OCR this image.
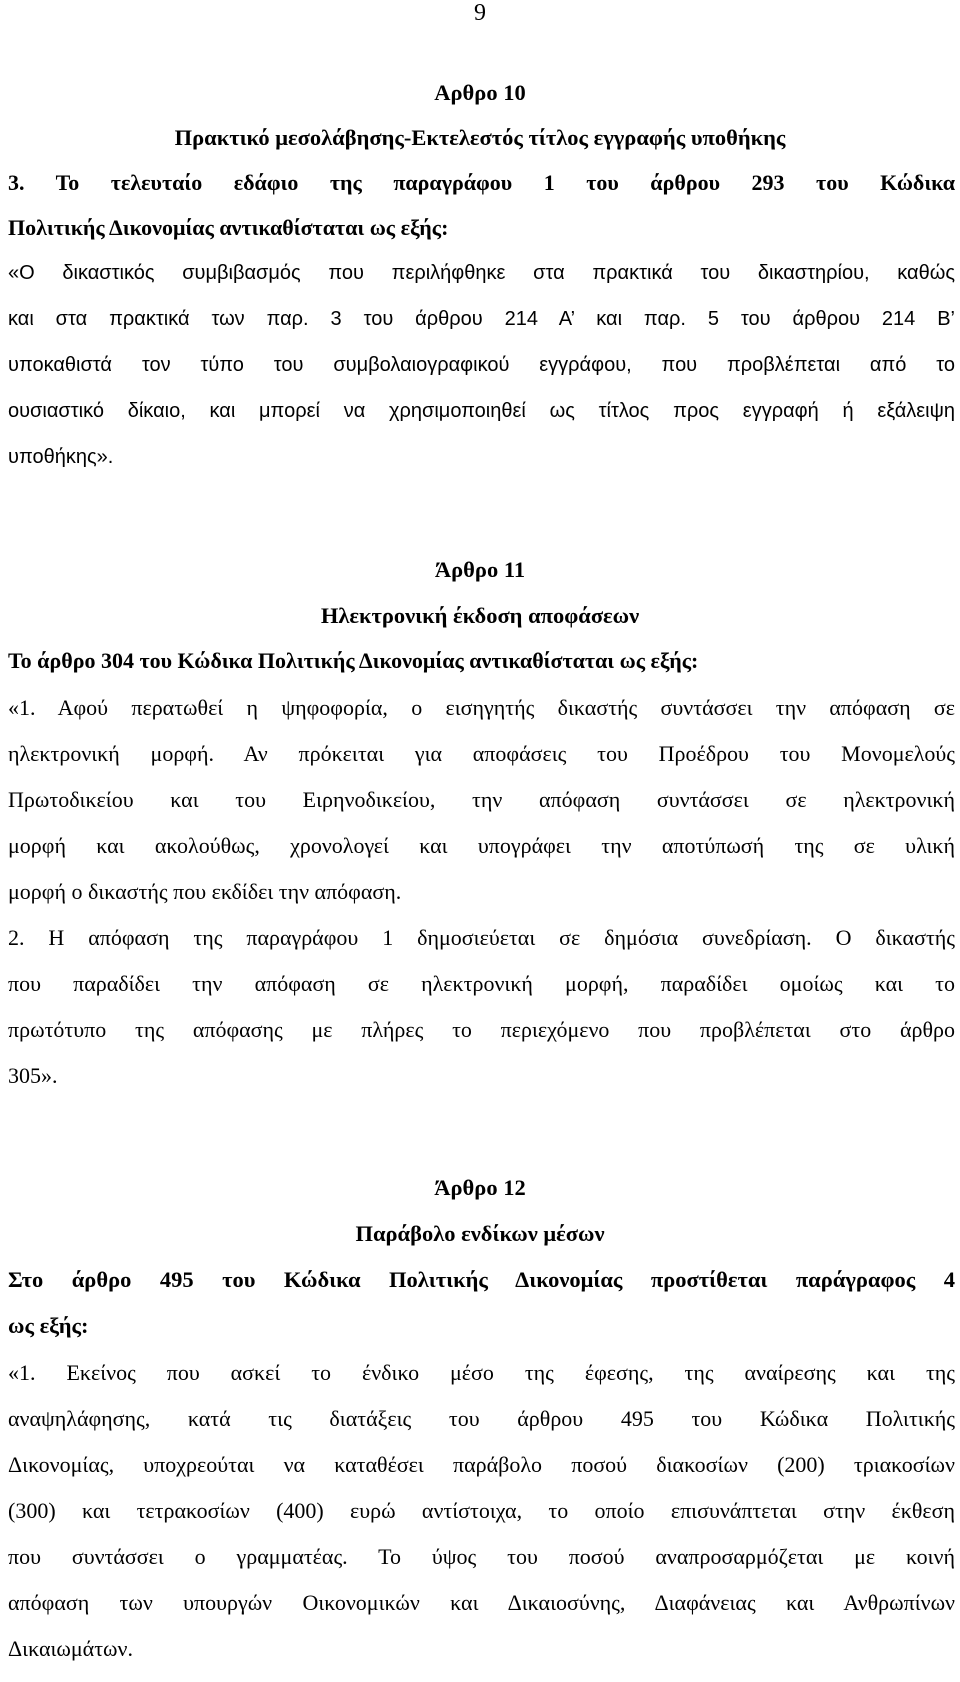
9
Αρθρο 10
Πρακτικό μεσολάβησης-Εκτελεστός τίτλος εγγραφής υποθήκης
3. Το τελευταίο εδάφιο της παραγράφου 1 του άρθρου 293 του Κώδικα
Πολιτικής Δικονομίας αντικαθίσταται ως εξής:
«Ο δικαστικός συμβιβασμός που περιλήφθηκε στα πρακτικά του δικαστηρίου, καθώς
και στα πρακτικά των παρ. 3 του άρθρου 214 Α’ και παρ. 5 του άρθρου 214 Β’
υποκαθιστά τον τύπο του συμβολαιογραφικού εγγράφου, που προβλέπεται από το
ουσιαστικό δίκαιο, και μπορεί να χρησιμοποιηθεί ως τίτλος προς εγγραφή ή εξάλειψη
υποθήκης».
Άρθρο 11
Ηλεκτρονική έκδοση αποφάσεων
Το άρθρο 304 του Κώδικα Πολιτικής Δικονομίας αντικαθίσταται ως εξής:
«1. Αφού περατωθεί η ψηφοφορία, ο εισηγητής δικαστής συντάσσει την απόφαση σε
ηλεκτρονική μορφή. Αν πρόκειται για αποφάσεις του Προέδρου του Μονομελούς
Πρωτοδικείου και του Ειρηνοδικείου, την απόφαση συντάσσει σε ηλεκτρονική
μορφή και ακολούθως, χρονολογεί και υπογράφει την αποτύπωσή της σε υλική
μορφή ο δικαστής που εκδίδει την απόφαση.
2. Η απόφαση της παραγράφου 1 δημοσιεύεται σε δημόσια συνεδρίαση. Ο δικαστής
που παραδίδει την απόφαση σε ηλεκτρονική μορφή, παραδίδει ομοίως και το
πρωτότυπο της απόφασης με πλήρες το περιεχόμενο που προβλέπεται στο άρθρο
305».
Άρθρο 12
Παράβολο ενδίκων μέσων
Στο άρθρο 495 του Κώδικα Πολιτικής Δικονομίας προστίθεται παράγραφος 4
ως εξής:
«1. Εκείνος που ασκεί το ένδικο μέσο της έφεσης, της αναίρεσης και της
αναψηλάφησης, κατά τις διατάξεις του άρθρου 495 του Κώδικα Πολιτικής
Δικονομίας, υποχρεούται να καταθέσει παράβολο ποσού διακοσίων (200) τριακοσίων
(300) και τετρακοσίων (400) ευρώ αντίστοιχα, το οποίο επισυνάπτεται στην έκθεση
που συντάσσει ο γραμματέας. Το ύψος του ποσού αναπροσαρμόζεται με κοινή
απόφαση των υπουργών Οικονομικών και Δικαιοσύνης, Διαφάνειας και Ανθρωπίνων
Δικαιωμάτων.
